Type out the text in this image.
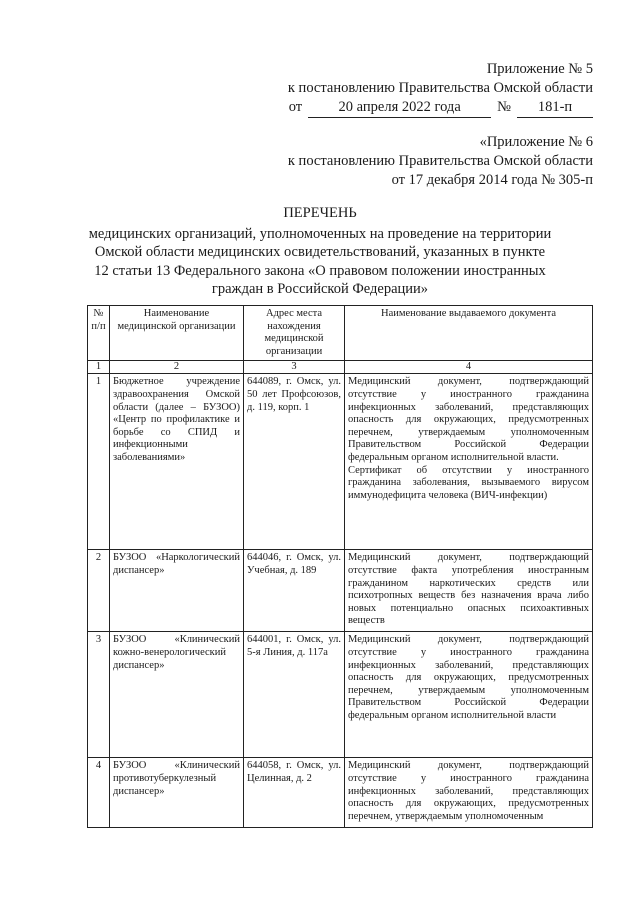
Приложение № 5
к постановлению Правительства Омской области
от	20 апреля 2022 года	№ 181-п
«Приложение № 6
к постановлению Правительства Омской области
от 17 декабря 2014 года № 305-п
ПЕРЕЧЕНЬ
медицинских организаций, уполномоченных на проведение на территории Омской области медицинских освидетельствований, указанных в пункте 12 статьи 13 Федерального закона «О правовом положении иностранных граждан в Российской Федерации»
№ п/п	Наименование медицинской организации	Адрес места нахождения медицинской организации	Наименование выдаваемого документа
1	2	3	4
1	Бюджетное учреждение здравоохранения Омской области (далее – БУЗОО) «Центр по профилактике и борьбе со СПИД и инфекционными заболеваниями»	644089, г. Омск, ул. 50 лет Профсоюзов, д. 119, корп. 1	Медицинский документ, подтверждающий отсутствие у иностранного гражданина инфекционных заболеваний, представляющих опасность для окружающих, предусмотренных перечнем, утверждаемым уполномоченным Правительством Российской Федерации федеральным органом исполнительной власти.
Сертификат об отсутствии у иностранного гражданина заболевания, вызываемого вирусом иммунодефицита человека (ВИЧ-инфекции)
2	БУЗОО «Наркологический диспансер»	644046, г. Омск, ул. Учебная, д. 189	Медицинский документ, подтверждающий отсутствие факта употребления иностранным гражданином наркотических средств или психотропных веществ без назначения врача либо новых потенциально опасных психоактивных веществ
3	БУЗОО «Клинический кожно-венерологический диспансер»	644001, г. Омск, ул. 5-я Линия, д. 117а	Медицинский документ, подтверждающий отсутствие у иностранного гражданина инфекционных заболеваний, представляющих опасность для окружающих, предусмотренных перечнем, утверждаемым уполномоченным Правительством Российской Федерации федеральным органом исполнительной власти
4	БУЗОО «Клинический противотуберкулезный диспансер»	644058, г. Омск, ул. Целинная, д. 2	Медицинский документ, подтверждающий отсутствие у иностранного гражданина инфекционных заболеваний, представляющих опасность для окружающих, предусмотренных перечнем, утверждаемым уполномоченным
